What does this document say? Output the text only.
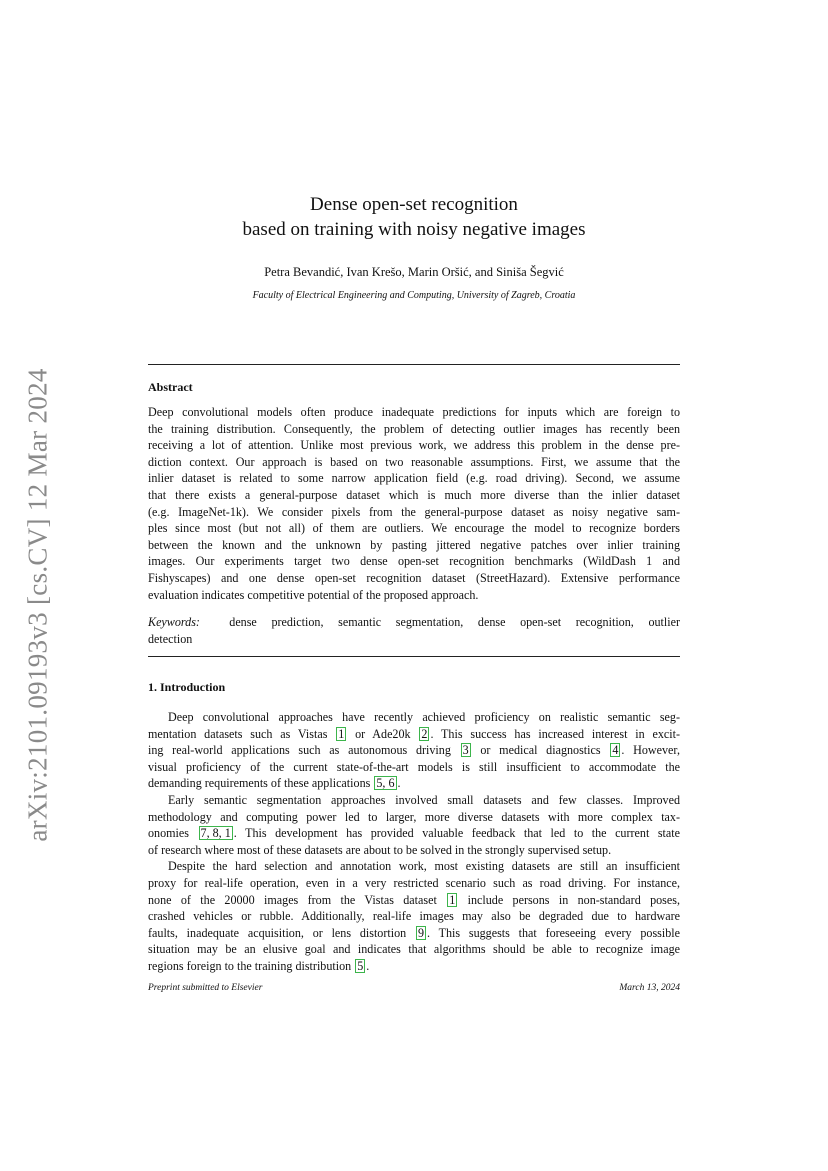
arXiv:2101.09193v3 [cs.CV] 12 Mar 2024
Dense open-set recognition
based on training with noisy negative images
Petra Bevandić, Ivan Krešo, Marin Oršić, and Siniša Šegvić
Faculty of Electrical Engineering and Computing, University of Zagreb, Croatia
Abstract
Deep convolutional models often produce inadequate predictions for inputs which are foreign to
the training distribution. Consequently, the problem of detecting outlier images has recently been
receiving a lot of attention. Unlike most previous work, we address this problem in the dense pre-
diction context. Our approach is based on two reasonable assumptions. First, we assume that the
inlier dataset is related to some narrow application field (e.g. road driving). Second, we assume
that there exists a general-purpose dataset which is much more diverse than the inlier dataset
(e.g. ImageNet-1k). We consider pixels from the general-purpose dataset as noisy negative sam-
ples since most (but not all) of them are outliers. We encourage the model to recognize borders
between the known and the unknown by pasting jittered negative patches over inlier training
images. Our experiments target two dense open-set recognition benchmarks (WildDash 1 and
Fishyscapes) and one dense open-set recognition dataset (StreetHazard). Extensive performance
evaluation indicates competitive potential of the proposed approach.
Keywords: dense prediction, semantic segmentation, dense open-set recognition, outlier
detection
1. Introduction
Deep convolutional approaches have recently achieved proficiency on realistic semantic seg-
mentation datasets such as Vistas 1 or Ade20k 2 . This success has increased interest in excit-
ing real-world applications such as autonomous driving 3 or medical diagnostics 4 . However,
visual proficiency of the current state-of-the-art models is still insufficient to accommodate the
demanding requirements of these applications 5, 6 .
Early semantic segmentation approaches involved small datasets and few classes. Improved
methodology and computing power led to larger, more diverse datasets with more complex tax-
onomies 7, 8, 1 . This development has provided valuable feedback that led to the current state
of research where most of these datasets are about to be solved in the strongly supervised setup.
Despite the hard selection and annotation work, most existing datasets are still an insufficient
proxy for real-life operation, even in a very restricted scenario such as road driving. For instance,
none of the 20000 images from the Vistas dataset 1 include persons in non-standard poses,
crashed vehicles or rubble. Additionally, real-life images may also be degraded due to hardware
faults, inadequate acquisition, or lens distortion 9 . This suggests that foreseeing every possible
situation may be an elusive goal and indicates that algorithms should be able to recognize image
regions foreign to the training distribution 5 .
Preprint submitted to Elsevier	March 13, 2024
